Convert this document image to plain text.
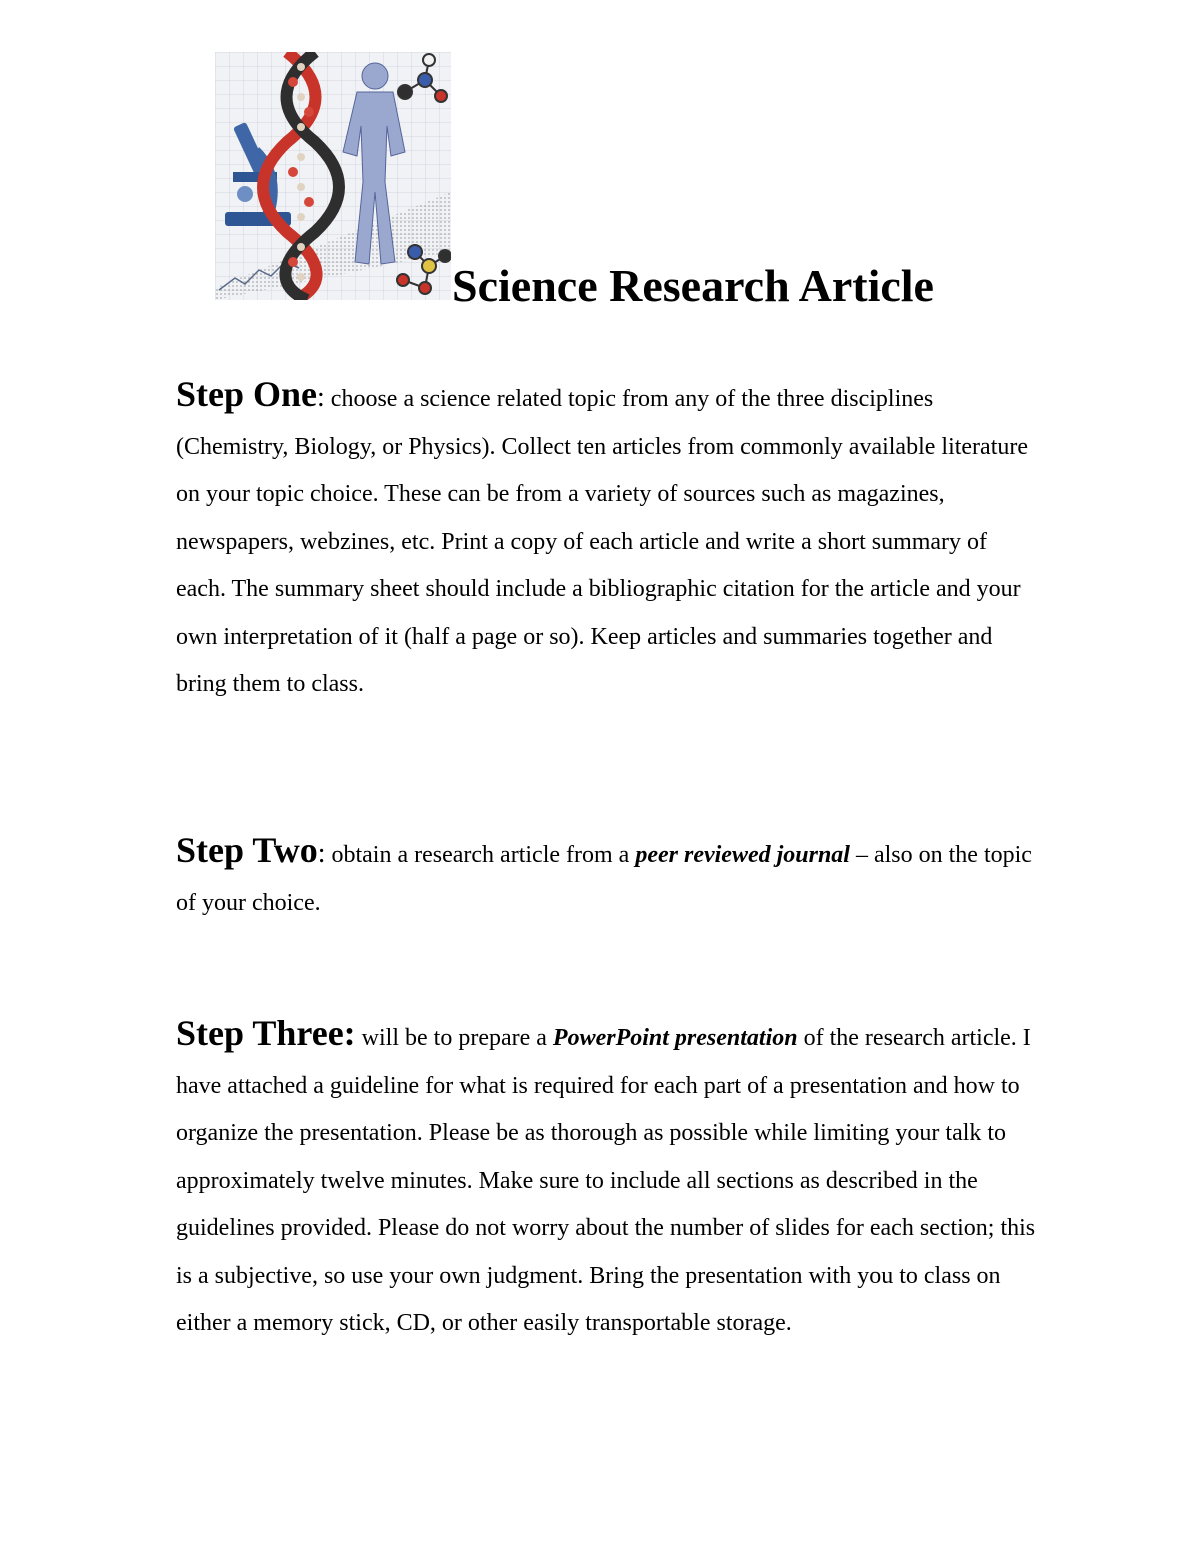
Science Research Article

Step One: choose a science related topic from any of the three disciplines (Chemistry, Biology, or Physics). Collect ten articles from commonly available literature on your topic choice. These can be from a variety of sources such as magazines, newspapers, webzines, etc. Print a copy of each article and write a short summary of each. The summary sheet should include a bibliographic citation for the article and your own interpretation of it (half a page or so). Keep articles and summaries together and bring them to class.

Step Two: obtain a research article from a peer reviewed journal – also on the topic of your choice.

Step Three: will be to prepare a PowerPoint presentation of the research article. I have attached a guideline for what is required for each part of a presentation and how to organize the presentation. Please be as thorough as possible while limiting your talk to approximately twelve minutes. Make sure to include all sections as described in the guidelines provided. Please do not worry about the number of slides for each section; this is a subjective, so use your own judgment. Bring the presentation with you to class on either a memory stick, CD, or other easily transportable storage.
